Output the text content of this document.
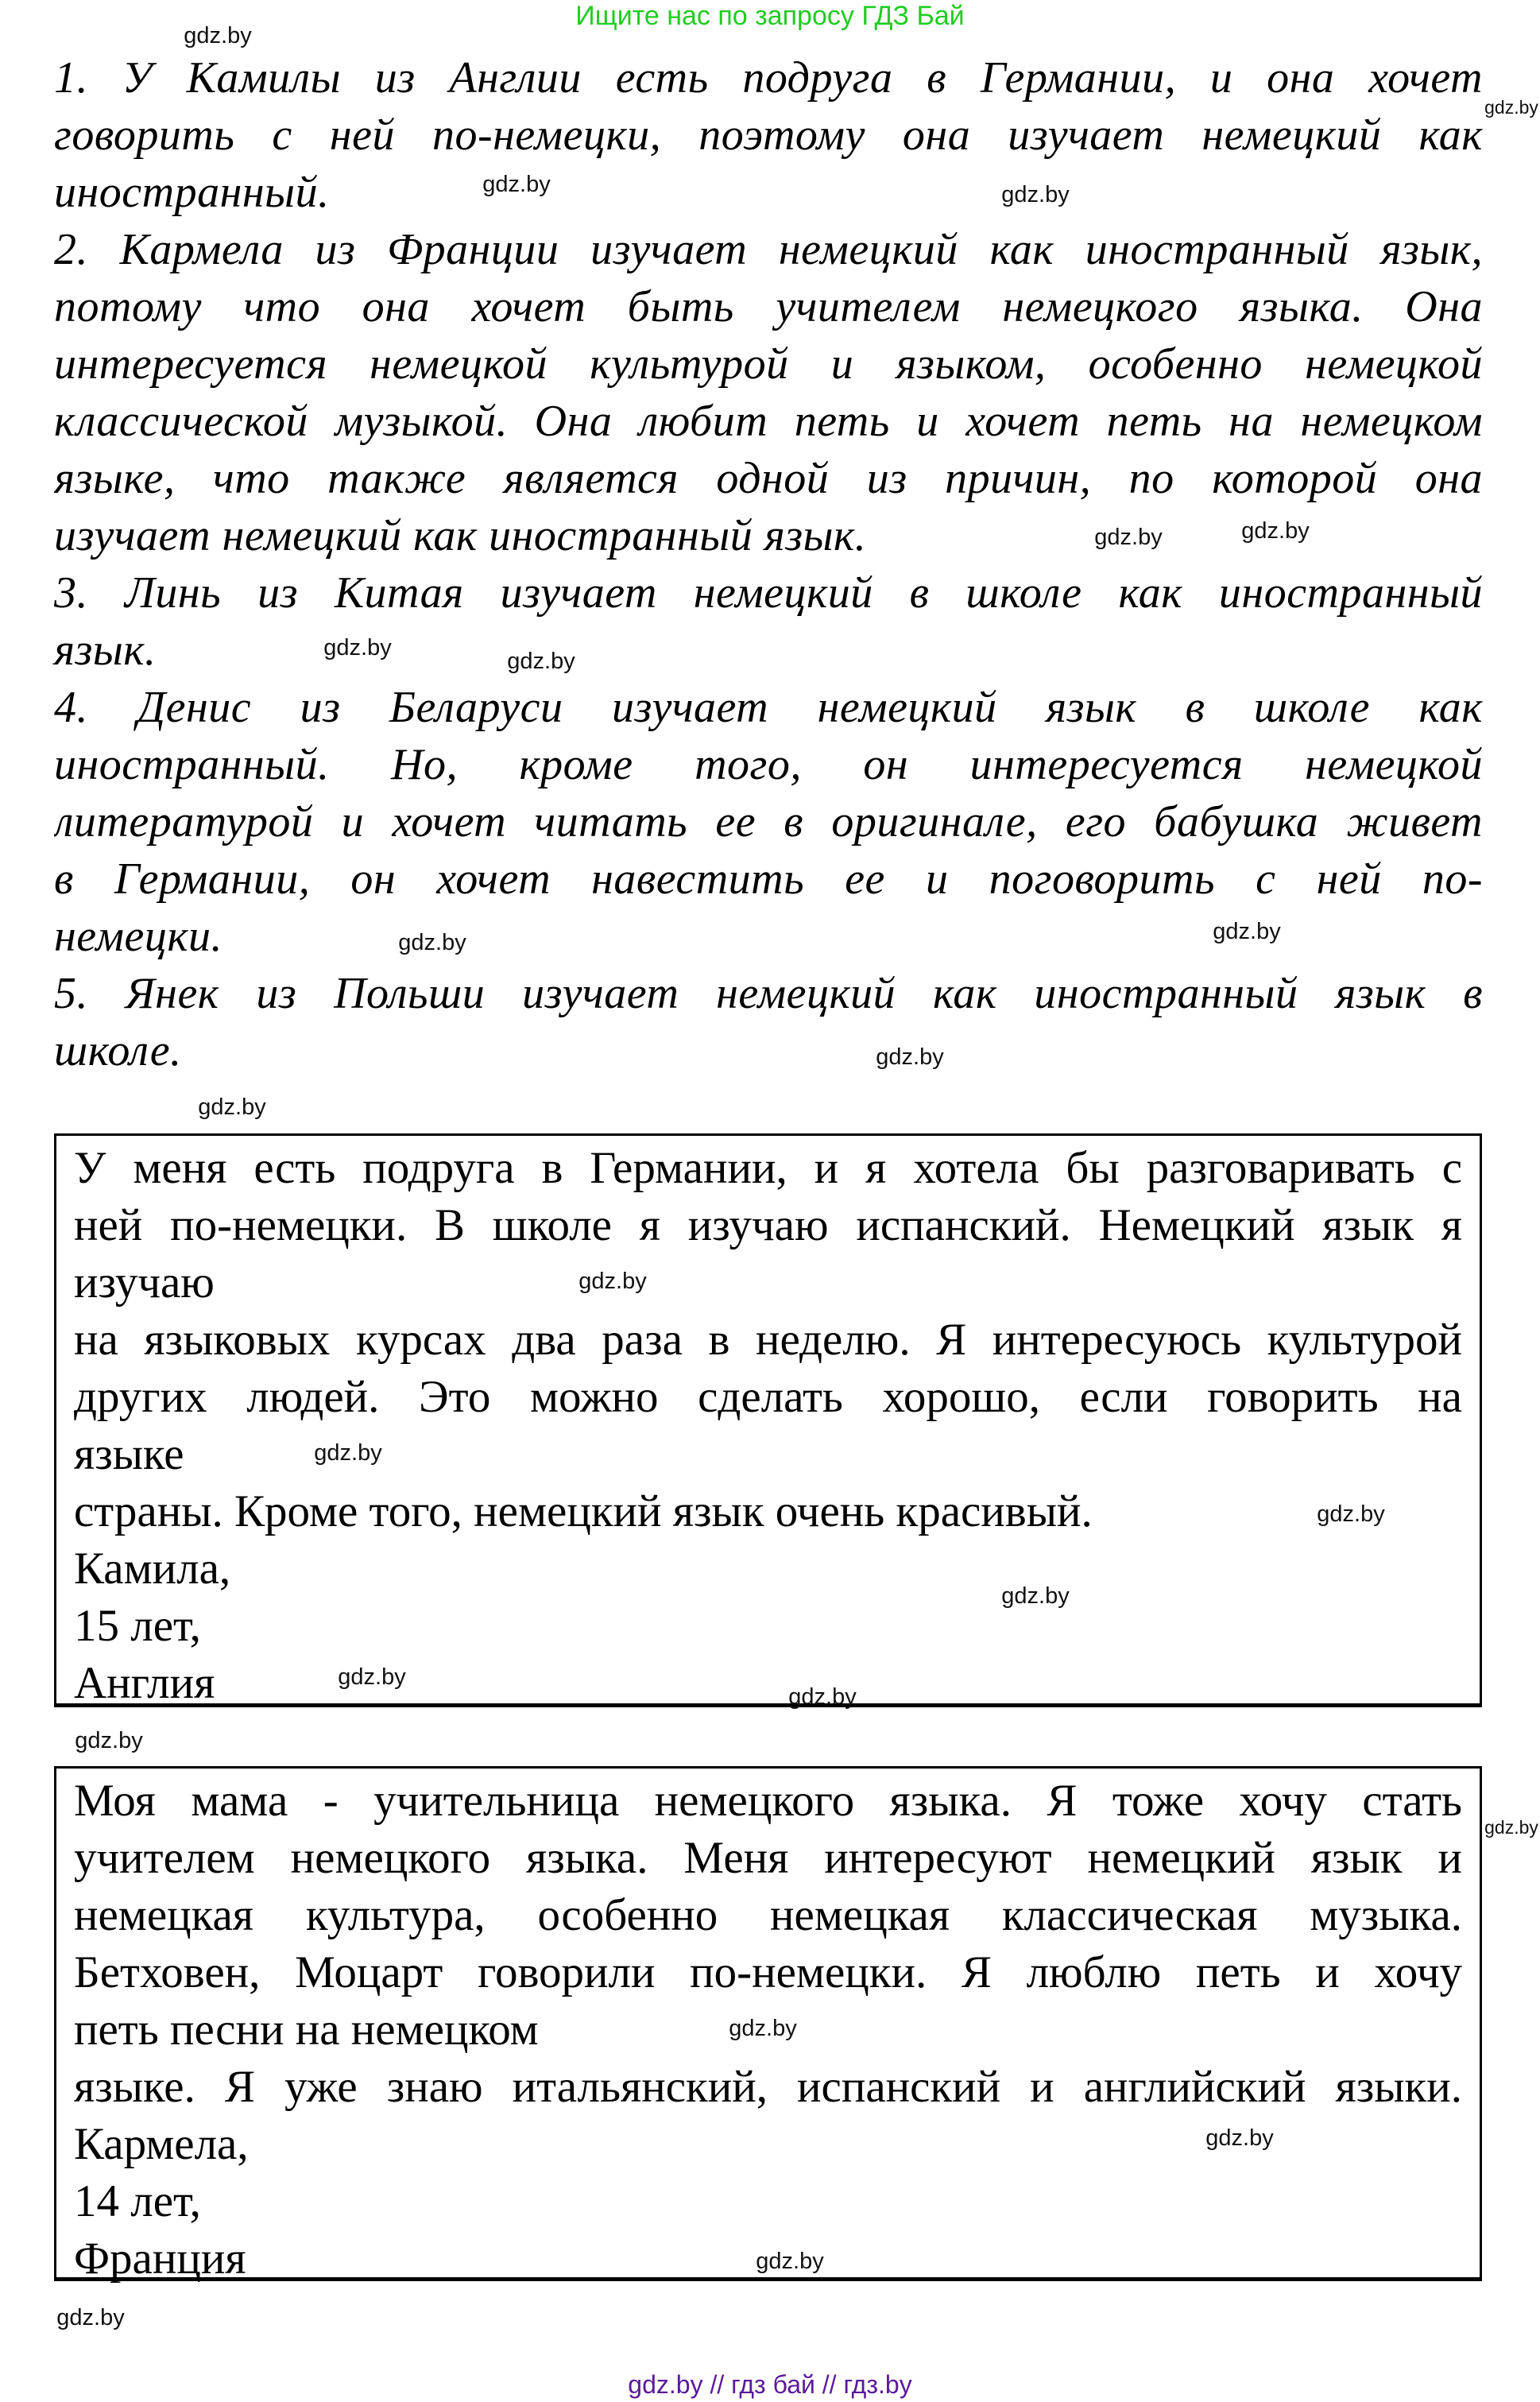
Ищите нас по запросу ГДЗ Бай
1. У Камилы из Англии есть подруга в Германии, и она хочет
говорить с ней по-немецки, поэтому она изучает немецкий как
иностранный.
2. Кармела из Франции изучает немецкий как иностранный язык,
потому что она хочет быть учителем немецкого языка. Она
интересуется немецкой культурой и языком, особенно немецкой
классической музыкой. Она любит петь и хочет петь на немецком
языке, что также является одной из причин, по которой она
изучает немецкий как иностранный язык.
3. Линь из Китая изучает немецкий в школе как иностранный
язык.
4. Денис из Беларуси изучает немецкий язык в школе как
иностранный. Но, кроме того, он интересуется немецкой
литературой и хочет читать ее в оригинале, его бабушка живет
в Германии, он хочет навестить ее и поговорить с ней по-
немецки.
5. Янек из Польши изучает немецкий как иностранный язык в
школе.
У меня есть подруга в Германии, и я хотела бы разговаривать с
ней по-немецки. В школе я изучаю испанский. Немецкий язык я
изучаю
на языковых курсах два раза в неделю. Я интересуюсь культурой
других людей. Это можно сделать хорошо, если говорить на
языке
страны. Кроме того, немецкий язык очень красивый.
Камила,
15 лет,
Англия
Моя мама - учительница немецкого языка. Я тоже хочу стать
учителем немецкого языка. Меня интересуют немецкий язык и
немецкая культура, особенно немецкая классическая музыка.
Бетховен, Моцарт говорили по-немецки. Я люблю петь и хочу
петь песни на немецком
языке. Я уже знаю итальянский, испанский и английский языки.
Кармела,
14 лет,
Франция
gdz.by
gdz.by
gdz.by	gdz.by
gdz.by
gdz.by
gdz.by
gdz.by
gdz.by
gdz.by
gdz.by
gdz.by
gdz.by
gdz.by
gdz.by
gdz.by
gdz.by
gdz.by
gdz.by
gdz.by
gdz.by
gdz.by
gdz.by
gdz.by
gdz.by // гдз бай // гдз.by
